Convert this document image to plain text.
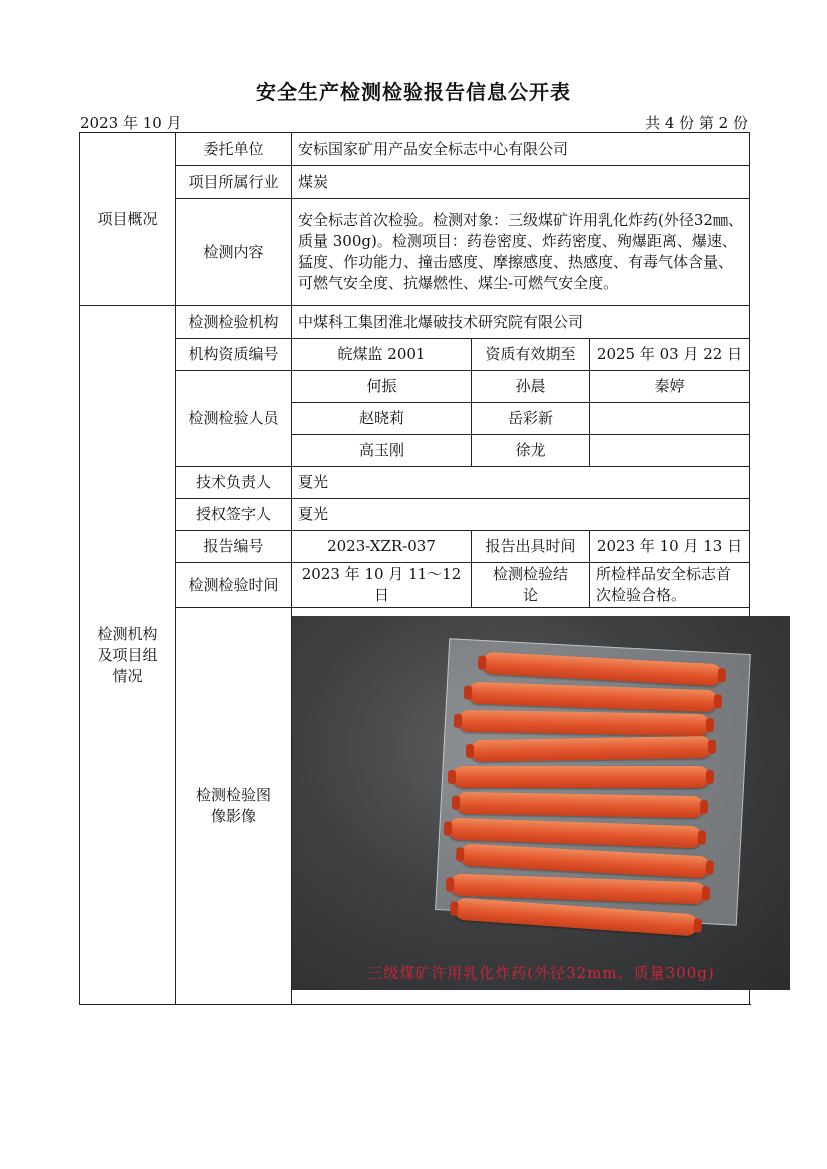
安全生产检测检验报告信息公开表
2023 年 10 月	共 4 份 第 2 份
项目概况	委托单位	安标国家矿用产品安全标志中心有限公司		
	项目所属行业	煤炭		
	检测内容	安全标志首次检验。检测对象：三级煤矿许用乳化炸药(外径32㎜、质量 300g)。检测项目：药卷密度、炸药密度、殉爆距离、爆速、猛度、作功能力、撞击感度、摩擦感度、热感度、有毒气体含量、可燃气安全度、抗爆燃性、煤尘-可燃气安全度。		
检测机构及项目组情况	检测检验机构	中煤科工集团淮北爆破技术研究院有限公司		
	机构资质编号	皖煤监 2001	资质有效期至	2025 年 03 月 22 日
	检测检验人员	何振	孙晨	秦婷
		赵晓莉	岳彩新	
		高玉刚	徐龙	
	技术负责人	夏光		
	授权签字人	夏光		
	报告编号	2023-XZR-037	报告出具时间	2023 年 10 月 13 日
	检测检验时间	2023 年 10 月 11～12 日	检测检验结论	所检样品安全标志首次检验合格。
	检测检验图像影像	三级煤矿许用乳化炸药(外径32mm、质量300g)		
